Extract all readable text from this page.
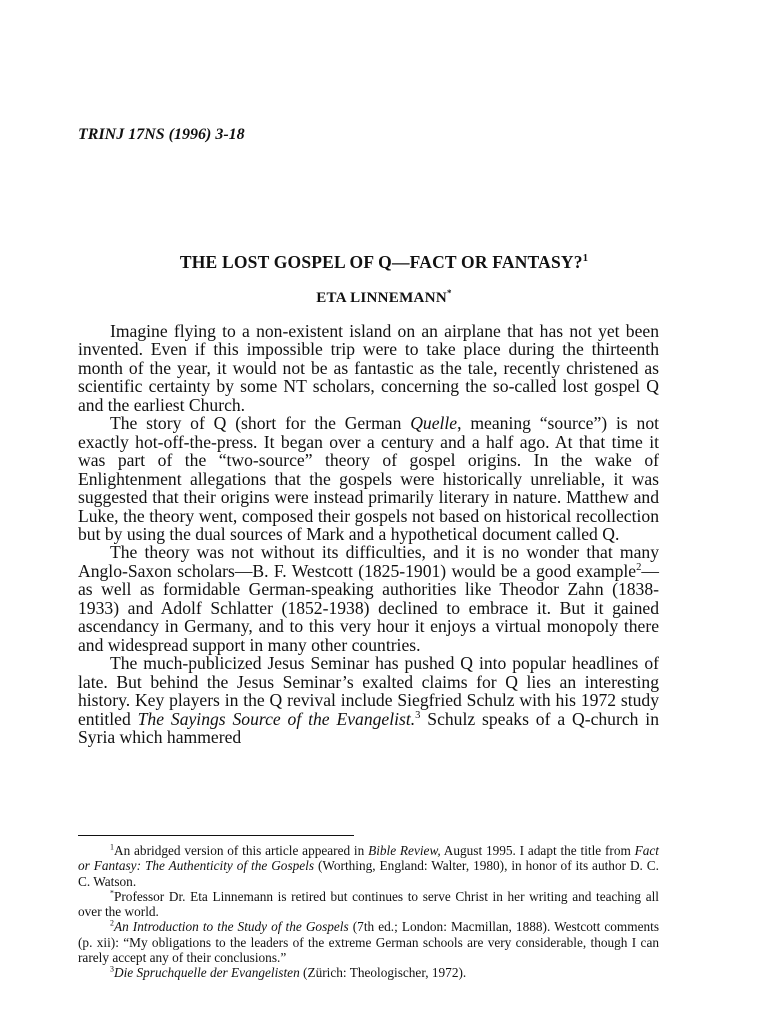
TRINJ 17NS (1996) 3-18
THE LOST GOSPEL OF Q—FACT OR FANTASY?$^1$
ETA LINNEMANN*

Imagine flying to a non-existent island on an airplane that has not yet been invented. Even if this impossible trip were to take place during the thirteenth month of the year, it would not be as fantastic as the tale, recently christened as scientific certainty by some NT scholars, concerning the so-called lost gospel Q and the earliest Church.

The story of Q (short for the German Quelle, meaning “source”) is not exactly hot-off-the-press. It began over a century and a half ago. At that time it was part of the “two-source” theory of gospel origins. In the wake of Enlightenment allegations that the gospels were historically unreliable, it was suggested that their origins were instead primarily literary in nature. Matthew and Luke, the theory went, composed their gospels not based on historical recollection but by using the dual sources of Mark and a hypothetical document called Q.

The theory was not without its difficulties, and it is no wonder that many Anglo-Saxon scholars—B. F. Westcott (1825-1901) would be a good example$^2$—as well as formidable German-speaking authorities like Theodor Zahn (1838-1933) and Adolf Schlatter (1852-1938) declined to embrace it. But it gained ascendancy in Germany, and to this very hour it enjoys a virtual monopoly there and widespread support in many other countries.

The much-publicized Jesus Seminar has pushed Q into popular headlines of late. But behind the Jesus Seminar’s exalted claims for Q lies an interesting history. Key players in the Q revival include Siegfried Schulz with his 1972 study entitled The Sayings Source of the Evangelist.$^3$ Schulz speaks of a Q-church in Syria which hammered

$^1$An abridged version of this article appeared in Bible Review, August 1995. I adapt the title from Fact or Fantasy: The Authenticity of the Gospels (Worthing, England: Walter, 1980), in honor of its author D. C. C. Watson.

*Professor Dr. Eta Linnemann is retired but continues to serve Christ in her writing and teaching all over the world.

$^2$An Introduction to the Study of the Gospels (7th ed.; London: Macmillan, 1888). Westcott comments (p. xii): “My obligations to the leaders of the extreme German schools are very considerable, though I can rarely accept any of their conclusions.”

$^3$Die Spruchquelle der Evangelisten (Zürich: Theologischer, 1972).
